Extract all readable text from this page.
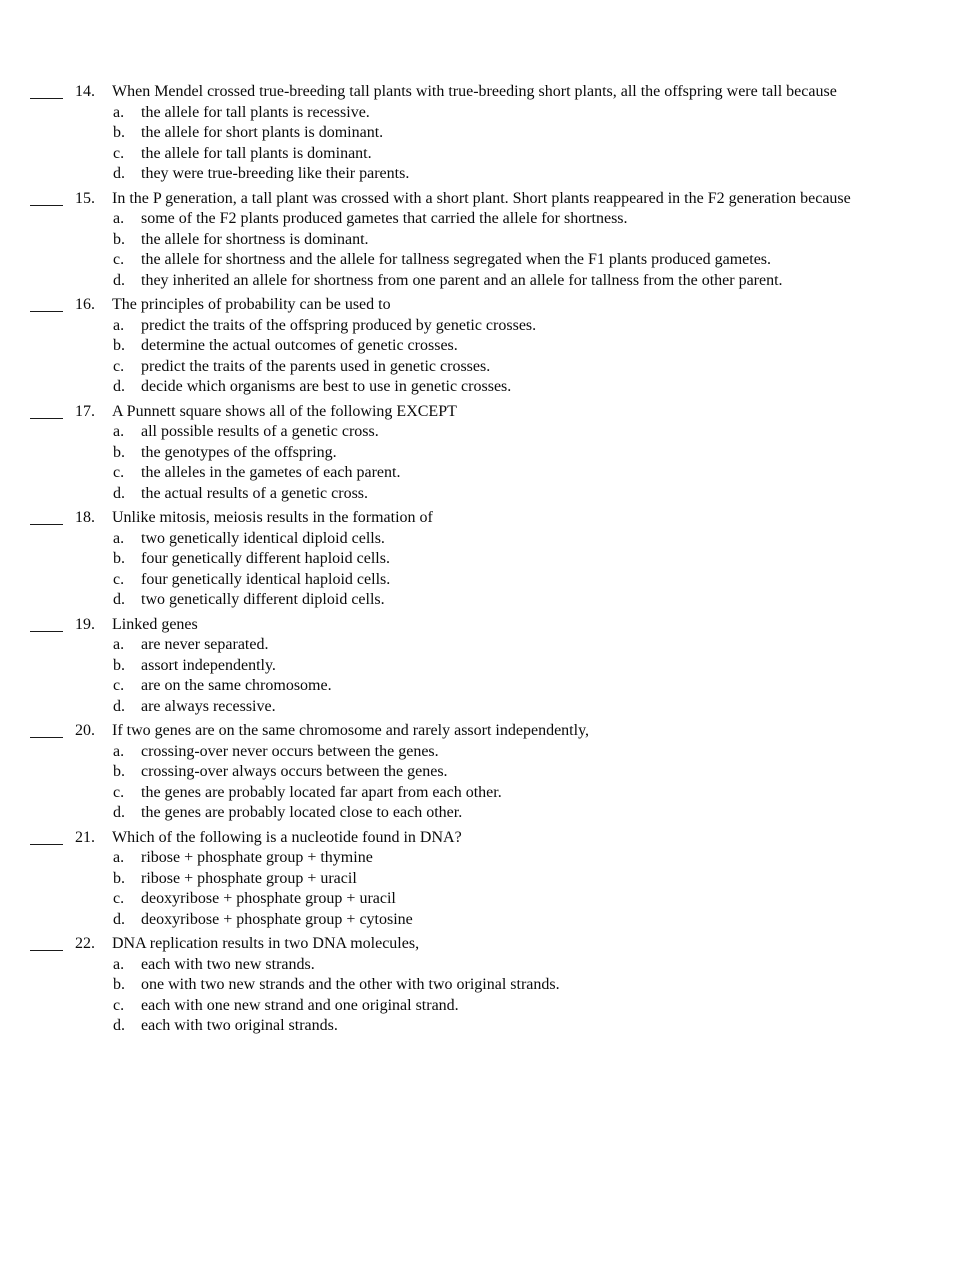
14.	When Mendel crossed true-breeding tall plants with true-breeding short plants, all the offspring were tall because
a.	the allele for tall plants is recessive.
b.	the allele for short plants is dominant.
c.	the allele for tall plants is dominant.
d.	they were true-breeding like their parents.
15.	In the P generation, a tall plant was crossed with a short plant. Short plants reappeared in the F2 generation because
a.	some of the F2 plants produced gametes that carried the allele for shortness.
b.	the allele for shortness is dominant.
c.	the allele for shortness and the allele for tallness segregated when the F1 plants produced gametes.
d.	they inherited an allele for shortness from one parent and an allele for tallness from the other parent.
16.	The principles of probability can be used to
a.	predict the traits of the offspring produced by genetic crosses.
b.	determine the actual outcomes of genetic crosses.
c.	predict the traits of the parents used in genetic crosses.
d.	decide which organisms are best to use in genetic crosses.
17.	A Punnett square shows all of the following EXCEPT
a.	all possible results of a genetic cross.
b.	the genotypes of the offspring.
c.	the alleles in the gametes of each parent.
d.	the actual results of a genetic cross.
18.	Unlike mitosis, meiosis results in the formation of
a.	two genetically identical diploid cells.
b.	four genetically different haploid cells.
c.	four genetically identical haploid cells.
d.	two genetically different diploid cells.
19.	Linked genes
a.	are never separated.
b.	assort independently.
c.	are on the same chromosome.
d.	are always recessive.
20.	If two genes are on the same chromosome and rarely assort independently,
a.	crossing-over never occurs between the genes.
b.	crossing-over always occurs between the genes.
c.	the genes are probably located far apart from each other.
d.	the genes are probably located close to each other.
21.	Which of the following is a nucleotide found in DNA?
a.	ribose + phosphate group + thymine
b.	ribose + phosphate group + uracil
c.	deoxyribose + phosphate group + uracil
d.	deoxyribose + phosphate group + cytosine
22.	DNA replication results in two DNA molecules,
a.	each with two new strands.
b.	one with two new strands and the other with two original strands.
c.	each with one new strand and one original strand.
d.	each with two original strands.
